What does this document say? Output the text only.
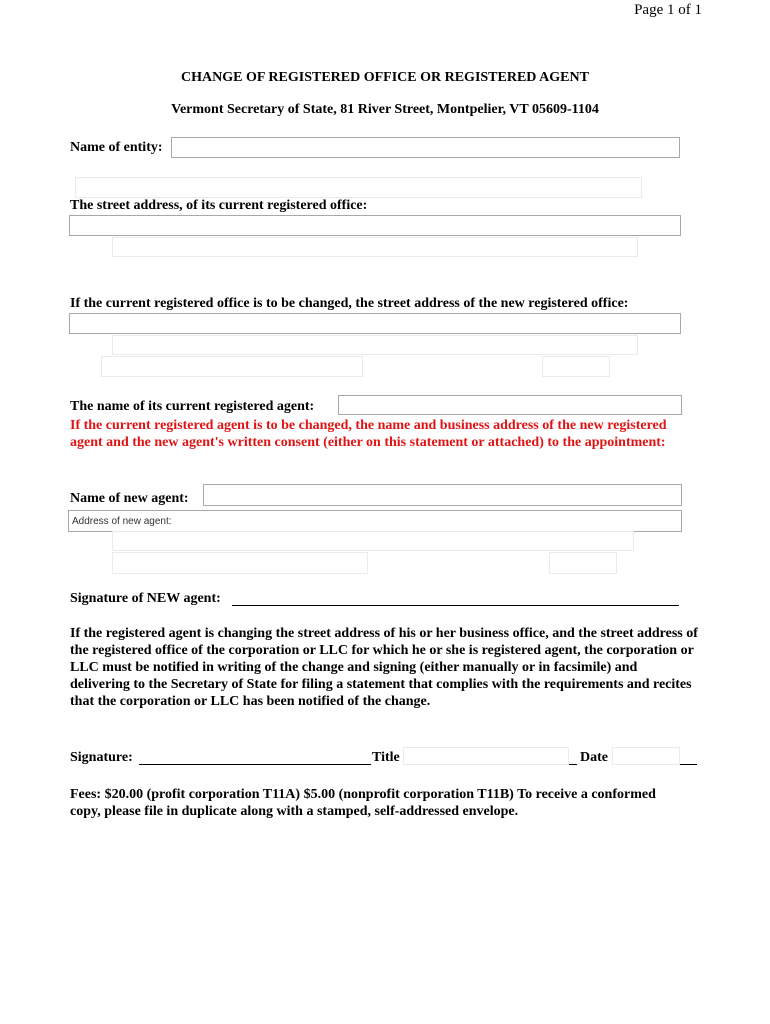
Page 1 of 1
CHANGE OF REGISTERED OFFICE OR REGISTERED AGENT
Vermont Secretary of State, 81 River Street, Montpelier, VT 05609-1104
Name of entity:
The street address, of its current registered office:
If the current registered office is to be changed, the street address of the new registered office:
The name of its current registered agent:
If the current registered agent is to be changed, the name and business address of the new registered agent and the new agent's written consent (either on this statement or attached) to the appointment:
Name of new agent:
Address of new agent:
Signature of NEW agent:
If the registered agent is changing the street address of his or her business office, and the street address of the registered office of the corporation or LLC for which he or she is registered agent, the corporation or LLC must be notified in writing of the change and signing (either manually or in facsimile) and delivering to the Secretary of State for filing a statement that complies with the requirements and recites that the corporation or LLC has been notified of the change.
Signature:	Title	Date
Fees: $20.00 (profit corporation T11A) $5.00 (nonprofit corporation T11B) To receive a conformed copy, please file in duplicate along with a stamped, self-addressed envelope.
